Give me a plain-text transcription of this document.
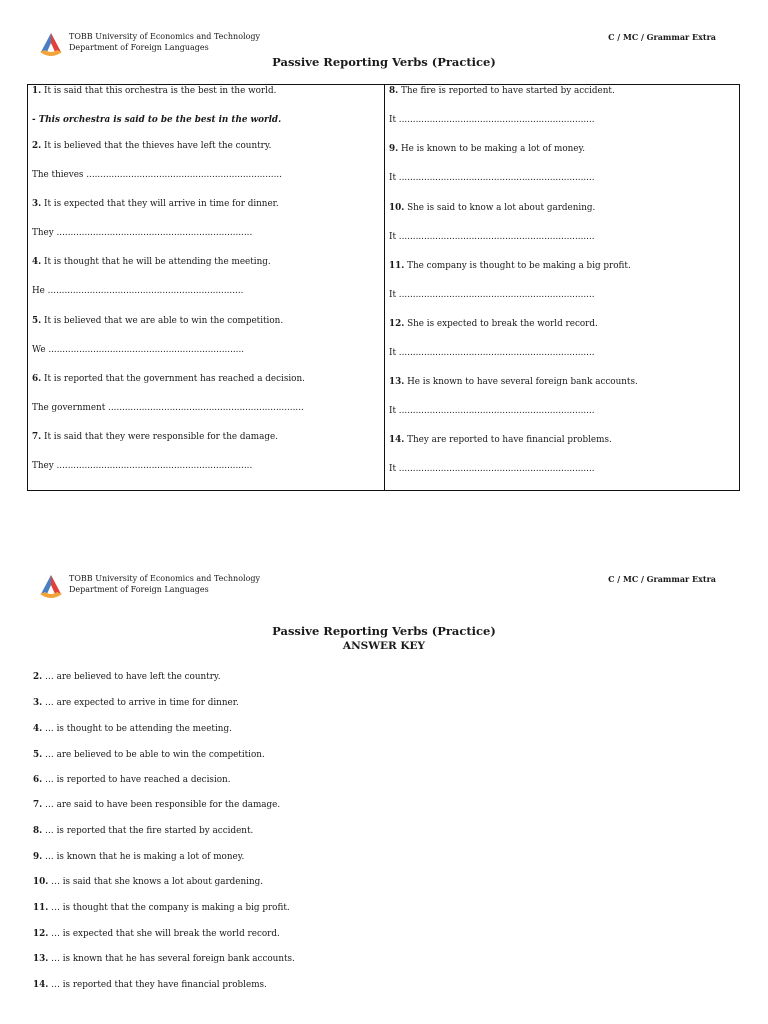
TOBB University of Economics and Technology
Department of Foreign Languages
C / MC / Grammar Extra
Passive Reporting Verbs (Practice)
1. It is said that this orchestra is the best in the world.
- This orchestra is said to be the best in the world.
2. It is believed that the thieves have left the country.
The thieves ......................................................................
3. It is expected that they will arrive in time for dinner.
They ......................................................................
4. It is thought that he will be attending the meeting.
He ......................................................................
5. It is believed that we are able to win the competition.
We ......................................................................
6. It is reported that the government has reached a decision.
The government ......................................................................
7. It is said that they were responsible for the damage.
They ......................................................................
8. The fire is reported to have started by accident.
It ......................................................................
9. He is known to be making a lot of money.
It ......................................................................
10. She is said to know a lot about gardening.
It ......................................................................
11. The company is thought to be making a big profit.
It ......................................................................
12. She is expected to break the world record.
It ......................................................................
13. He is known to have several foreign bank accounts.
It ......................................................................
14. They are reported to have financial problems.
It ......................................................................
TOBB University of Economics and Technology
Department of Foreign Languages
C / MC / Grammar Extra
Passive Reporting Verbs (Practice)
ANSWER KEY
2. … are believed to have left the country.
3. … are expected to arrive in time for dinner.
4. … is thought to be attending the meeting.
5. … are believed to be able to win the competition.
6. … is reported to have reached a decision.
7. … are said to have been responsible for the damage.
8. … is reported that the fire started by accident.
9. … is known that he is making a lot of money.
10. … is said that she knows a lot about gardening.
11. … is thought that the company is making a big profit.
12. … is expected that she will break the world record.
13. … is known that he has several foreign bank accounts.
14. … is reported that they have financial problems.
